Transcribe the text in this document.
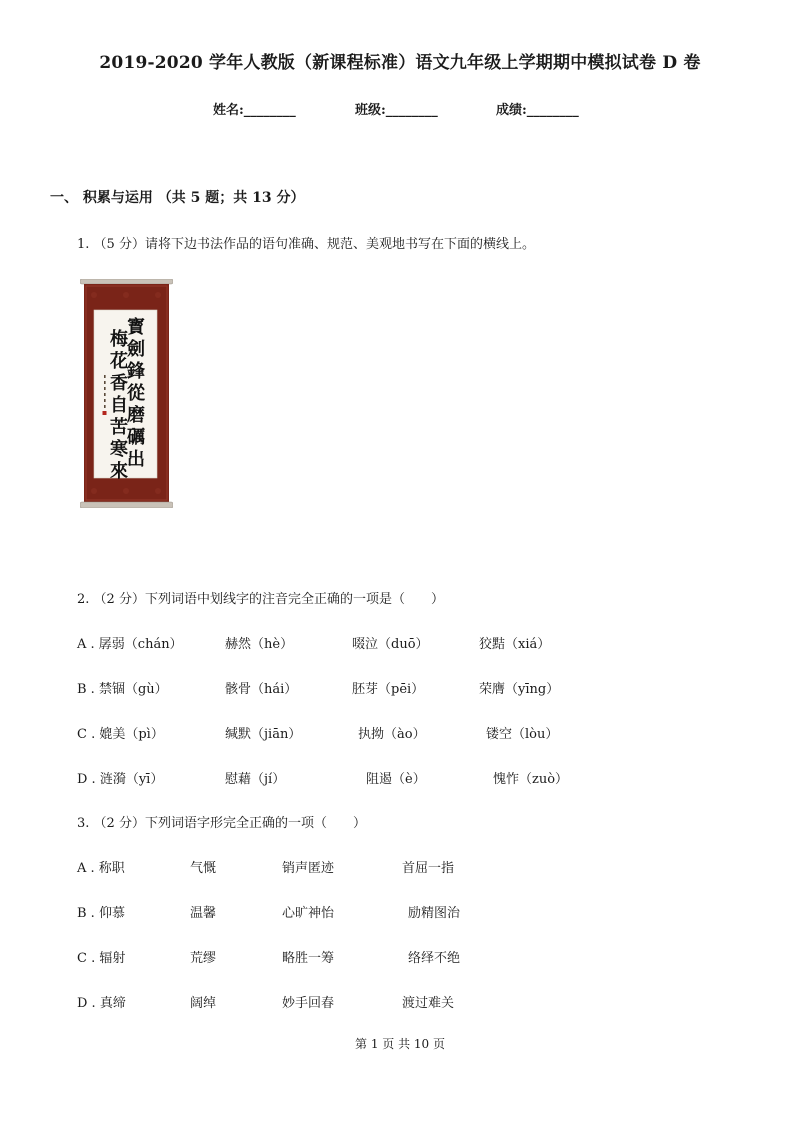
2019-2020 学年人教版（新课程标准）语文九年级上学期期中模拟试卷 D 卷
姓名:________	班级:________	成绩:________
一、 积累与运用 （共 5 题；共 13 分）
1. （5 分）请将下边书法作品的语句准确、规范、美观地书写在下面的横线上。
寳劍鋒從磨礪出
梅花香自苦寒來
2. （2 分）下列词语中划线字的注音完全正确的一项是（　　）
A . 孱弱（chán）	赫然（hè）	啜泣（duō）	狡黠（xiá）
B . 禁锢（gù）	骸骨（hái）	胚芽（pēi）	荣膺（yīng）
C . 媲美（pì）	缄默（jiān）	执拗（ào）	镂空（lòu）
D . 涟漪（yī）	慰藉（jí）	阻遏（è）	愧怍（zuò）
3. （2 分）下列词语字形完全正确的一项（　　）
A . 称职	气慨	销声匿迹	首屈一指
B . 仰慕	温馨	心旷神怡	励精图治
C . 辐射	荒缪	略胜一筹	络绎不绝
D . 真缔	阔绰	妙手回春	渡过难关
第 1 页 共 10 页
